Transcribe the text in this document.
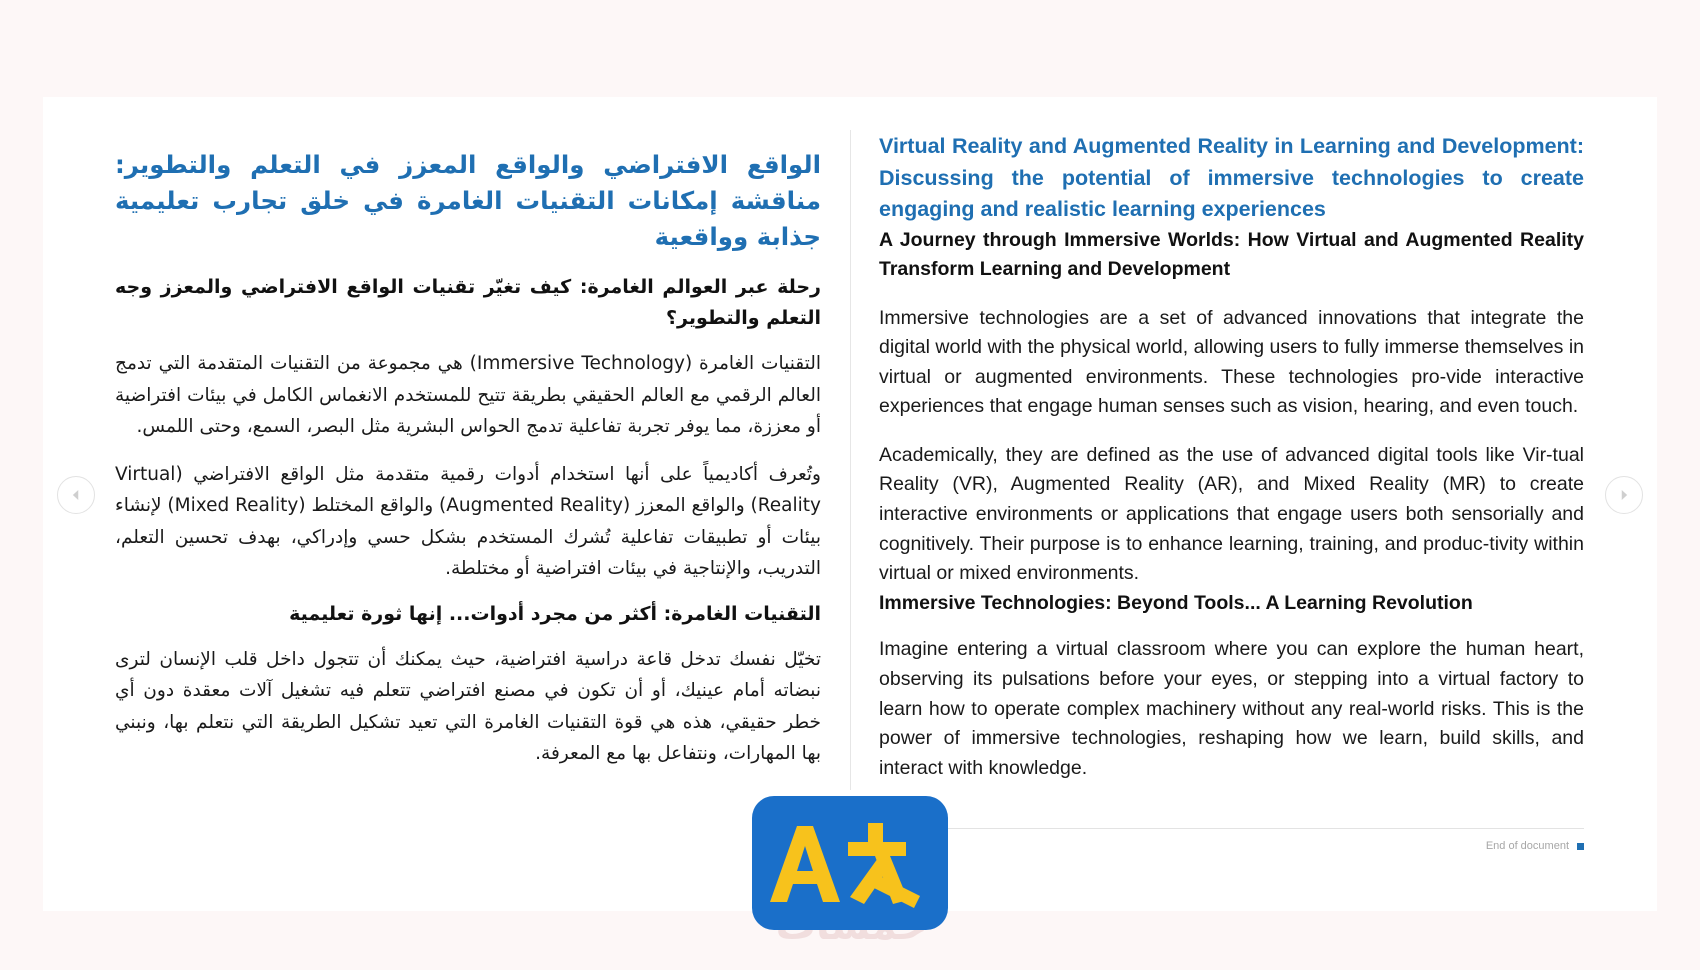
الواقع الافتراضي والواقع المعزز في التعلم والتطوير: مناقشة إمكانات التقنيات الغامرة في خلق تجارب تعليمية جذابة وواقعية
رحلة عبر العوالم الغامرة: كيف تغيّر تقنيات الواقع الافتراضي والمعزز وجه التعلم والتطوير؟

التقنيات الغامرة (Immersive Technology) هي مجموعة من التقنيات المتقدمة التي تدمج العالم الرقمي مع العالم الحقيقي بطريقة تتيح للمستخدم الانغماس الكامل في بيئات افتراضية أو معززة، مما يوفر تجربة تفاعلية تدمج الحواس البشرية مثل البصر، السمع، وحتى اللمس.

وتُعرف أكاديمياً على أنها استخدام أدوات رقمية متقدمة مثل الواقع الافتراضي (Virtual Reality) والواقع المعزز (Augmented Reality) والواقع المختلط (Mixed Reality) لإنشاء بيئات أو تطبيقات تفاعلية تُشرك المستخدم بشكل حسي وإدراكي، بهدف تحسين التعلم، التدريب، والإنتاجية في بيئات افتراضية أو مختلطة.

التقنيات الغامرة: أكثر من مجرد أدوات... إنها ثورة تعليمية

تخيّل نفسك تدخل قاعة دراسية افتراضية، حيث يمكنك أن تتجول داخل قلب الإنسان لترى نبضاته أمام عينيك، أو أن تكون في مصنع افتراضي تتعلم فيه تشغيل آلات معقدة دون أي خطر حقيقي، هذه هي قوة التقنيات الغامرة التي تعيد تشكيل الطريقة التي نتعلم بها، ونبني بها المهارات، ونتفاعل بها مع المعرفة.

Virtual Reality and Augmented Reality in Learning and Development: Discussing the potential of immersive technologies to create engaging and realistic learning experiences
A Journey through Immersive Worlds: How Virtual and Augmented Reality Transform Learning and Development

Immersive technologies are a set of advanced innovations that integrate the digital world with the physical world, allowing users to fully immerse themselves in virtual or augmented environments. These technologies pro-vide interactive experiences that engage human senses such as vision, hearing, and even touch.

Academically, they are defined as the use of advanced digital tools like Vir-tual Reality (VR), Augmented Reality (AR), and Mixed Reality (MR) to create interactive environments or applications that engage users both sensorially and cognitively. Their purpose is to enhance learning, training, and produc-tivity within virtual or mixed environments.

Immersive Technologies: Beyond Tools... A Learning Revolution

Imagine entering a virtual classroom where you can explore the human heart, observing its pulsations before your eyes, or stepping into a virtual factory to learn how to operate complex machinery without any real-world risks. This is the power of immersive technologies, reshaping how we learn, build skills, and interact with knowledge.

End of document
